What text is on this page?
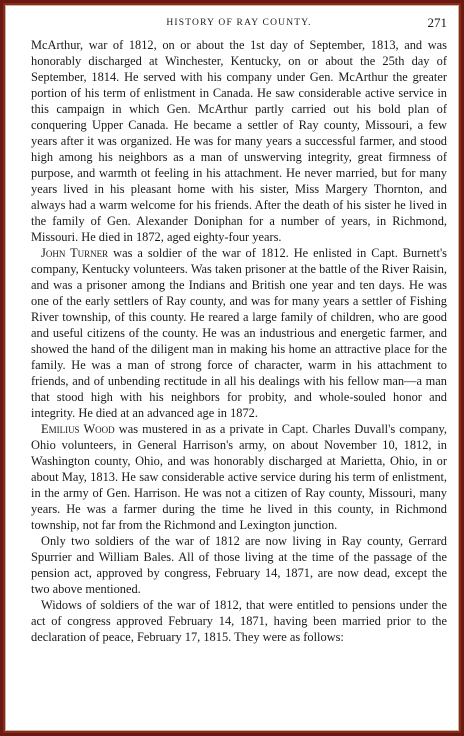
HISTORY OF RAY COUNTY.	271

McArthur, war of 1812, on or about the 1st day of September, 1813, and was honorably discharged at Winchester, Kentucky, on or about the 25th day of September, 1814. He served with his company under Gen. McArthur the greater portion of his term of enlistment in Canada. He saw considerable active service in this campaign in which Gen. McArthur partly carried out his bold plan of conquering Upper Canada. He became a settler of Ray county, Missouri, a few years after it was organized. He was for many years a successful farmer, and stood high among his neighbors as a man of unswerving integrity, great firmness of purpose, and warmth ot feeling in his attachment. He never married, but for many years lived in his pleasant home with his sister, Miss Margery Thornton, and always had a warm welcome for his friends. After the death of his sister he lived in the family of Gen. Alexander Doniphan for a number of years, in Richmond, Missouri. He died in 1872, aged eighty-four years.

John Turner was a soldier of the war of 1812. He enlisted in Capt. Burnett's company, Kentucky volunteers. Was taken prisoner at the battle of the River Raisin, and was a prisoner among the Indians and British one year and ten days. He was one of the early settlers of Ray county, and was for many years a settler of Fishing River township, of this county. He reared a large family of children, who are good and useful citizens of the county. He was an industrious and energetic farmer, and showed the hand of the diligent man in making his home an attractive place for the family. He was a man of strong force of character, warm in his attachment to friends, and of unbending rectitude in all his dealings with his fellow man—a man that stood high with his neighbors for probity, and whole-souled honor and integrity. He died at an advanced age in 1872.

Emilius Wood was mustered in as a private in Capt. Charles Duvall's company, Ohio volunteers, in General Harrison's army, on about November 10, 1812, in Washington county, Ohio, and was honorably discharged at Marietta, Ohio, in or about May, 1813. He saw considerable active service during his term of enlistment, in the army of Gen. Harrison. He was not a citizen of Ray county, Missouri, many years. He was a farmer during the time he lived in this county, in Richmond township, not far from the Richmond and Lexington junction.

Only two soldiers of the war of 1812 are now living in Ray county, Gerrard Spurrier and William Bales. All of those living at the time of the passage of the pension act, approved by congress, February 14, 1871, are now dead, except the two above mentioned.

Widows of soldiers of the war of 1812, that were entitled to pensions under the act of congress approved February 14, 1871, having been married prior to the declaration of peace, February 17, 1815. They were as follows:
